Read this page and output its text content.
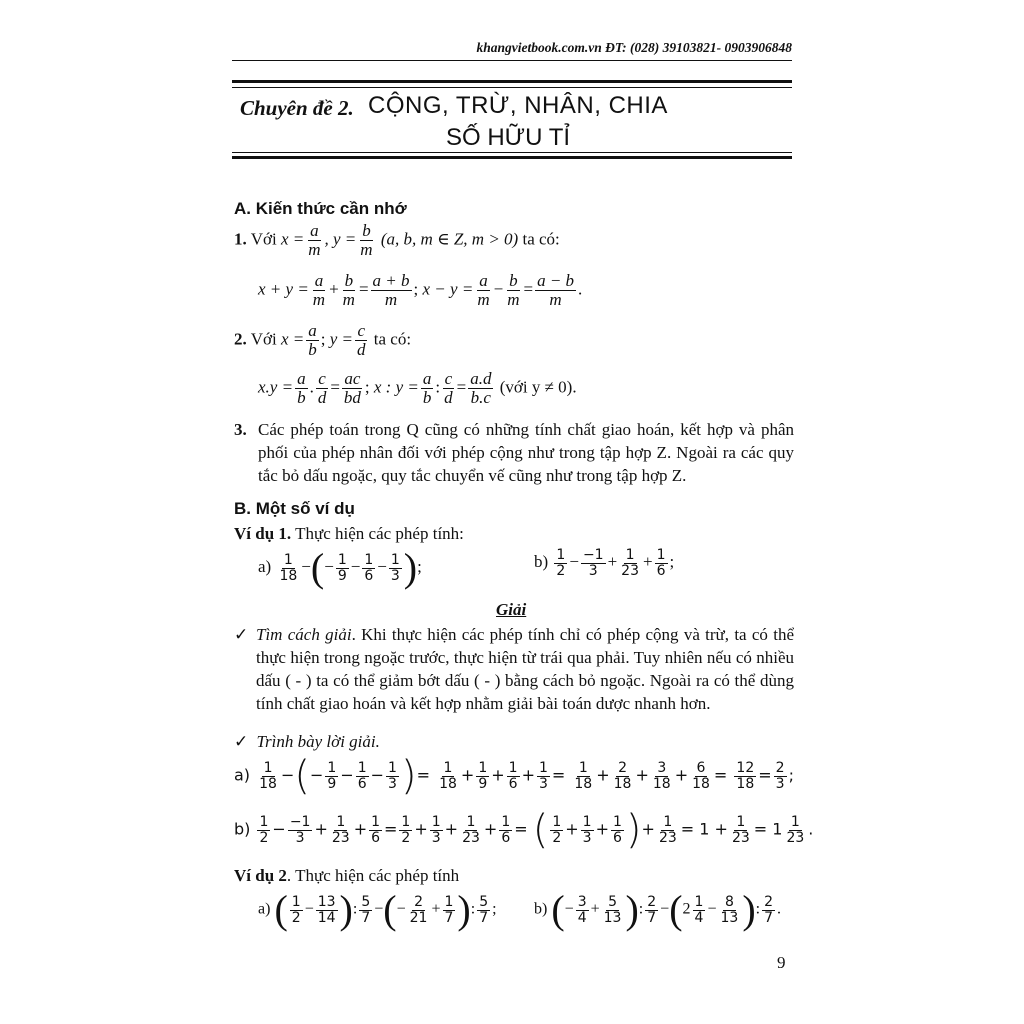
khangvietbook.com.vn ĐT: (028) 39103821- 0903906848
Chuyên đề 2. CỘNG, TRỪ, NHÂN, CHIA
SỐ HỮU TỈ
A. Kiến thức cần nhớ
1. Với $x = \frac{a}{m}$ , $y = \frac{b}{m} (a$, b, m ∈ Z, m > 0) ta có:
$x + y = \frac{a}{m} + \frac{b}{m} = \frac{a + b}{m}$ ; $x - y = \frac{a}{m} - \frac{b}{m} = \frac{a - b}{m}$ .
2. Với $x = \frac{a}{b}$ ; $y = \frac{c}{d}$ ta có:
$x.y = \frac{a}{b}$ . $\frac{c}{d} = \frac{ac}{bd}$ ; x : $y = \frac{a}{b}$ : $\frac{c}{d} = \frac{a.d}{b.c}$ (với y ≠ 0).
3. Các phép toán trong Q cũng có những tính chất giao hoán, kết hợp và phân phối của phép nhân đối với phép cộng như trong tập hợp Z. Ngoài ra các quy tắc bỏ dấu ngoặc, quy tắc chuyển vế cũng như trong tập hợp Z.
B. Một số ví dụ
Ví dụ 1. Thực hiện các phép tính:
$a) \frac{1}{18}$ −(− $\frac{1}{9} - \frac{1}{6} - \frac{1}{3}$ );	$b) \frac{1}{2} - \frac{-1}{3} + \frac{1}{23} + \frac{1}{6}$ ;
Giải
✓ Tìm cách giải. Khi thực hiện các phép tính chỉ có phép cộng và trừ, ta có thể thực hiện trong ngoặc trước, thực hiện từ trái qua phải. Tuy nhiên nếu có nhiều dấu ( - ) ta có thể giảm bớt dấu ( - ) bằng cách bỏ ngoặc. Ngoài ra có thể dùng tính chất giao hoán và kết hợp nhằm giải bài toán dược nhanh hơn.
✓ Trình bày lời giải.
$a) \frac{1}{18}$ −(− $\frac{1}{9} - \frac{1}{6} - \frac{1}{3}$ )= $\frac{1}{18} + \frac{1}{9} + \frac{1}{6} + \frac{1}{3} = \frac{1}{18} + \frac{2}{18} + \frac{3}{18} + \frac{6}{18} = \frac{12}{18} = \frac{2}{3}$ ;
$b) \frac{1}{2} - \frac{-1}{3} + \frac{1}{23} + \frac{1}{6} = \frac{1}{2} + \frac{1}{3} + \frac{1}{23} + \frac{1}{6}$ = ( $\frac{1}{2} + \frac{1}{3} + \frac{1}{6}$ )+ $\frac{1}{23} = 1 + \frac{1}{23} = 1 \frac{1}{23}$ .
Ví dụ 2. Thực hiện các phép tính
a) ( $\frac{1}{2} - \frac{13}{14}$ ): $\frac{5}{7}$ −(− $\frac{2}{21} + \frac{1}{7}$ ): $\frac{5}{7}$ ; b) (− $\frac{3}{4} + \frac{5}{13}$ ): $\frac{2}{7} -(2 \frac{1}{4} - \frac{8}{13}$ ): $\frac{2}{7}$ .
9
